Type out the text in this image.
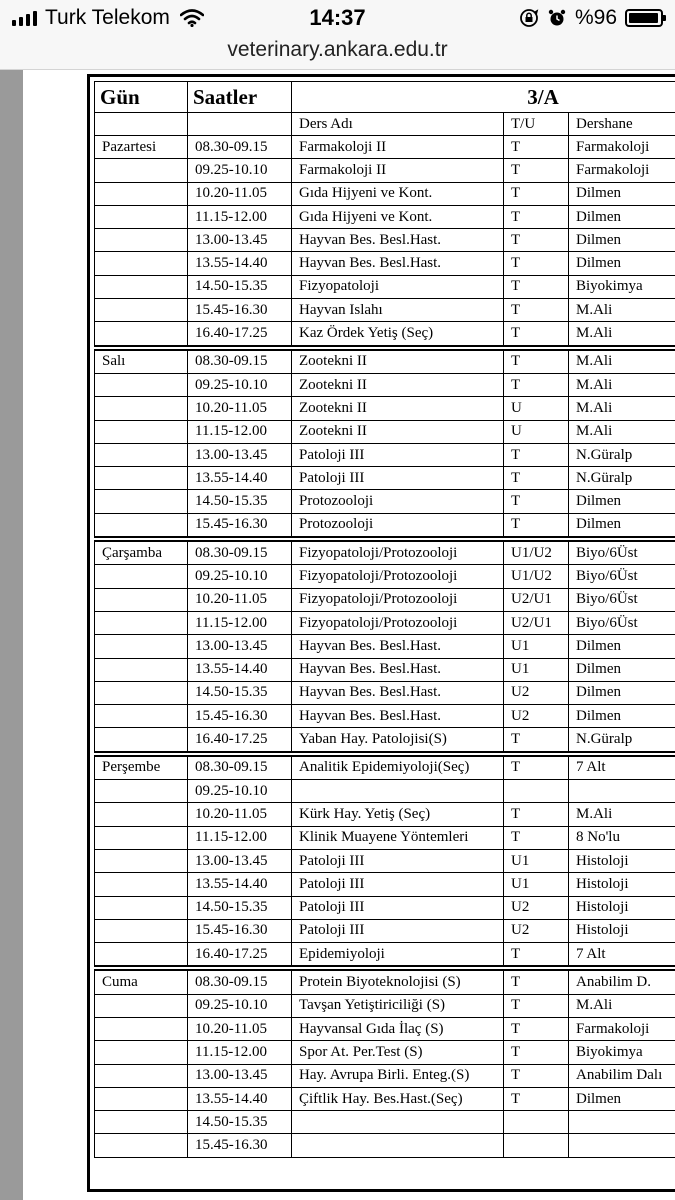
Turk Telekom	14:37	%96
veterinary.ankara.edu.tr
Gün	Saatler	3/A		
		Ders Adı	T/U	Dershane
Pazartesi	08.30-09.15	Farmakoloji II	T	Farmakoloji
	09.25-10.10	Farmakoloji II	T	Farmakoloji
	10.20-11.05	Gıda Hijyeni ve Kont.	T	Dilmen
	11.15-12.00	Gıda Hijyeni ve Kont.	T	Dilmen
	13.00-13.45	Hayvan Bes. Besl.Hast.	T	Dilmen
	13.55-14.40	Hayvan Bes. Besl.Hast.	T	Dilmen
	14.50-15.35	Fizyopatoloji	T	Biyokimya
	15.45-16.30	Hayvan Islahı	T	M.Ali
	16.40-17.25	Kaz Ördek Yetiş (Seç)	T	M.Ali

Salı	08.30-09.15	Zootekni II	T	M.Ali
	09.25-10.10	Zootekni II	T	M.Ali
	10.20-11.05	Zootekni II	U	M.Ali
	11.15-12.00	Zootekni II	U	M.Ali
	13.00-13.45	Patoloji III	T	N.Güralp
	13.55-14.40	Patoloji III	T	N.Güralp
	14.50-15.35	Protozooloji	T	Dilmen
	15.45-16.30	Protozooloji	T	Dilmen

Çarşamba	08.30-09.15	Fizyopatoloji/Protozooloji	U1/U2	Biyo/6Üst
	09.25-10.10	Fizyopatoloji/Protozooloji	U1/U2	Biyo/6Üst
	10.20-11.05	Fizyopatoloji/Protozooloji	U2/U1	Biyo/6Üst
	11.15-12.00	Fizyopatoloji/Protozooloji	U2/U1	Biyo/6Üst
	13.00-13.45	Hayvan Bes. Besl.Hast.	U1	Dilmen
	13.55-14.40	Hayvan Bes. Besl.Hast.	U1	Dilmen
	14.50-15.35	Hayvan Bes. Besl.Hast.	U2	Dilmen
	15.45-16.30	Hayvan Bes. Besl.Hast.	U2	Dilmen
	16.40-17.25	Yaban Hay. Patolojisi(S)	T	N.Güralp

Perşembe	08.30-09.15	Analitik Epidemiyoloji(Seç)	T	7 Alt
	09.25-10.10			
	10.20-11.05	Kürk Hay. Yetiş (Seç)	T	M.Ali
	11.15-12.00	Klinik Muayene Yöntemleri	T	8 No'lu
	13.00-13.45	Patoloji III	U1	Histoloji
	13.55-14.40	Patoloji III	U1	Histoloji
	14.50-15.35	Patoloji III	U2	Histoloji
	15.45-16.30	Patoloji III	U2	Histoloji
	16.40-17.25	Epidemiyoloji	T	7 Alt

Cuma	08.30-09.15	Protein Biyoteknolojisi (S)	T	Anabilim D.
	09.25-10.10	Tavşan Yetiştiriciliği (S)	T	M.Ali
	10.20-11.05	Hayvansal Gıda İlaç (S)	T	Farmakoloji
	11.15-12.00	Spor At. Per.Test (S)	T	Biyokimya
	13.00-13.45	Hay. Avrupa Birli. Enteg.(S)	T	Anabilim Dalı
	13.55-14.40	Çiftlik Hay. Bes.Hast.(Seç)	T	Dilmen
	14.50-15.35			
	15.45-16.30			
